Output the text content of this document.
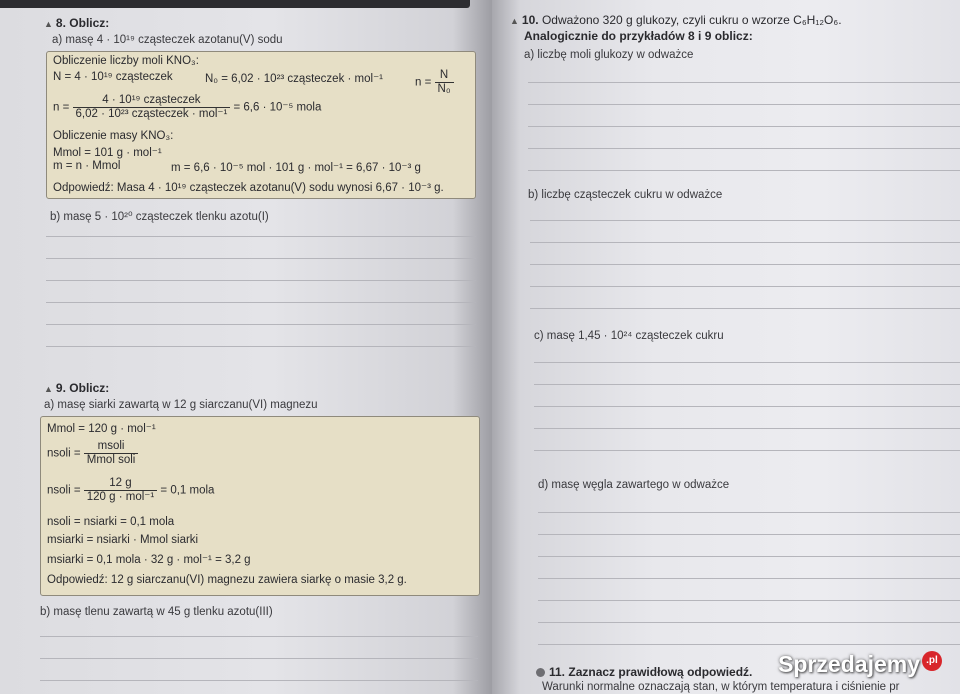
▲ 8. Oblicz:
a) masę 4 · 10¹⁹ cząsteczek azotanu(V) sodu
Obliczenie liczby moli KNO₃:
N = 4 · 10¹⁹ cząsteczek	N₀ = 6,02 · 10²³ cząsteczek · mol⁻¹	$n = \frac{N}{\text{N₀}}$
$n = \frac{\text{4 · 10¹⁹ cząsteczek}}{\text{6,02 · 10²³ cząsteczek · mol⁻¹}} = 6,6 \cdot 10^{-5}$ mola
Obliczenie masy KNO₃:
Mmol = 101 g · mol⁻¹
m = n · Mmol	m = 6,6 · 10⁻⁵ mol · 101 g · mol⁻¹ = 6,67 · 10⁻³ g
Odpowiedź: Masa 4 · 10¹⁹ cząsteczek azotanu(V) sodu wynosi 6,67 · 10⁻³ g.
b) masę 5 · 10²⁰ cząsteczek tlenku azotu(I)
▲ 9. Oblicz:
a) masę siarki zawartą w 12 g siarczanu(VI) magnezu
Mmol = 120 g · mol⁻¹
nsoli = $\frac{\text{msoli}}{\text{Mmol soli}}$
nsoli = $\frac{12 g}{\text{120 g · mol⁻¹}} = 0,1$ mola
nsoli = nsiarki = 0,1 mola
msiarki = nsiarki · Mmol siarki
msiarki = 0,1 mola · 32 g · mol⁻¹ = 3,2 g
Odpowiedź: 12 g siarczanu(VI) magnezu zawiera siarkę o masie 3,2 g.
b) masę tlenu zawartą w 45 g tlenku azotu(III)
▲ 10. Odważono 320 g glukozy, czyli cukru o wzorze C₆H₁₂O₆.
Analogicznie do przykładów 8 i 9 oblicz:
a) liczbę moli glukozy w odważce
b) liczbę cząsteczek cukru w odważce
c) masę 1,45 · 10²⁴ cząsteczek cukru
d) masę węgla zawartego w odważce
11. Zaznacz prawidłową odpowiedź.
Warunki normalne oznaczają stan, w którym temperatura i ciśnienie pr
Sprzedajemy .pl
